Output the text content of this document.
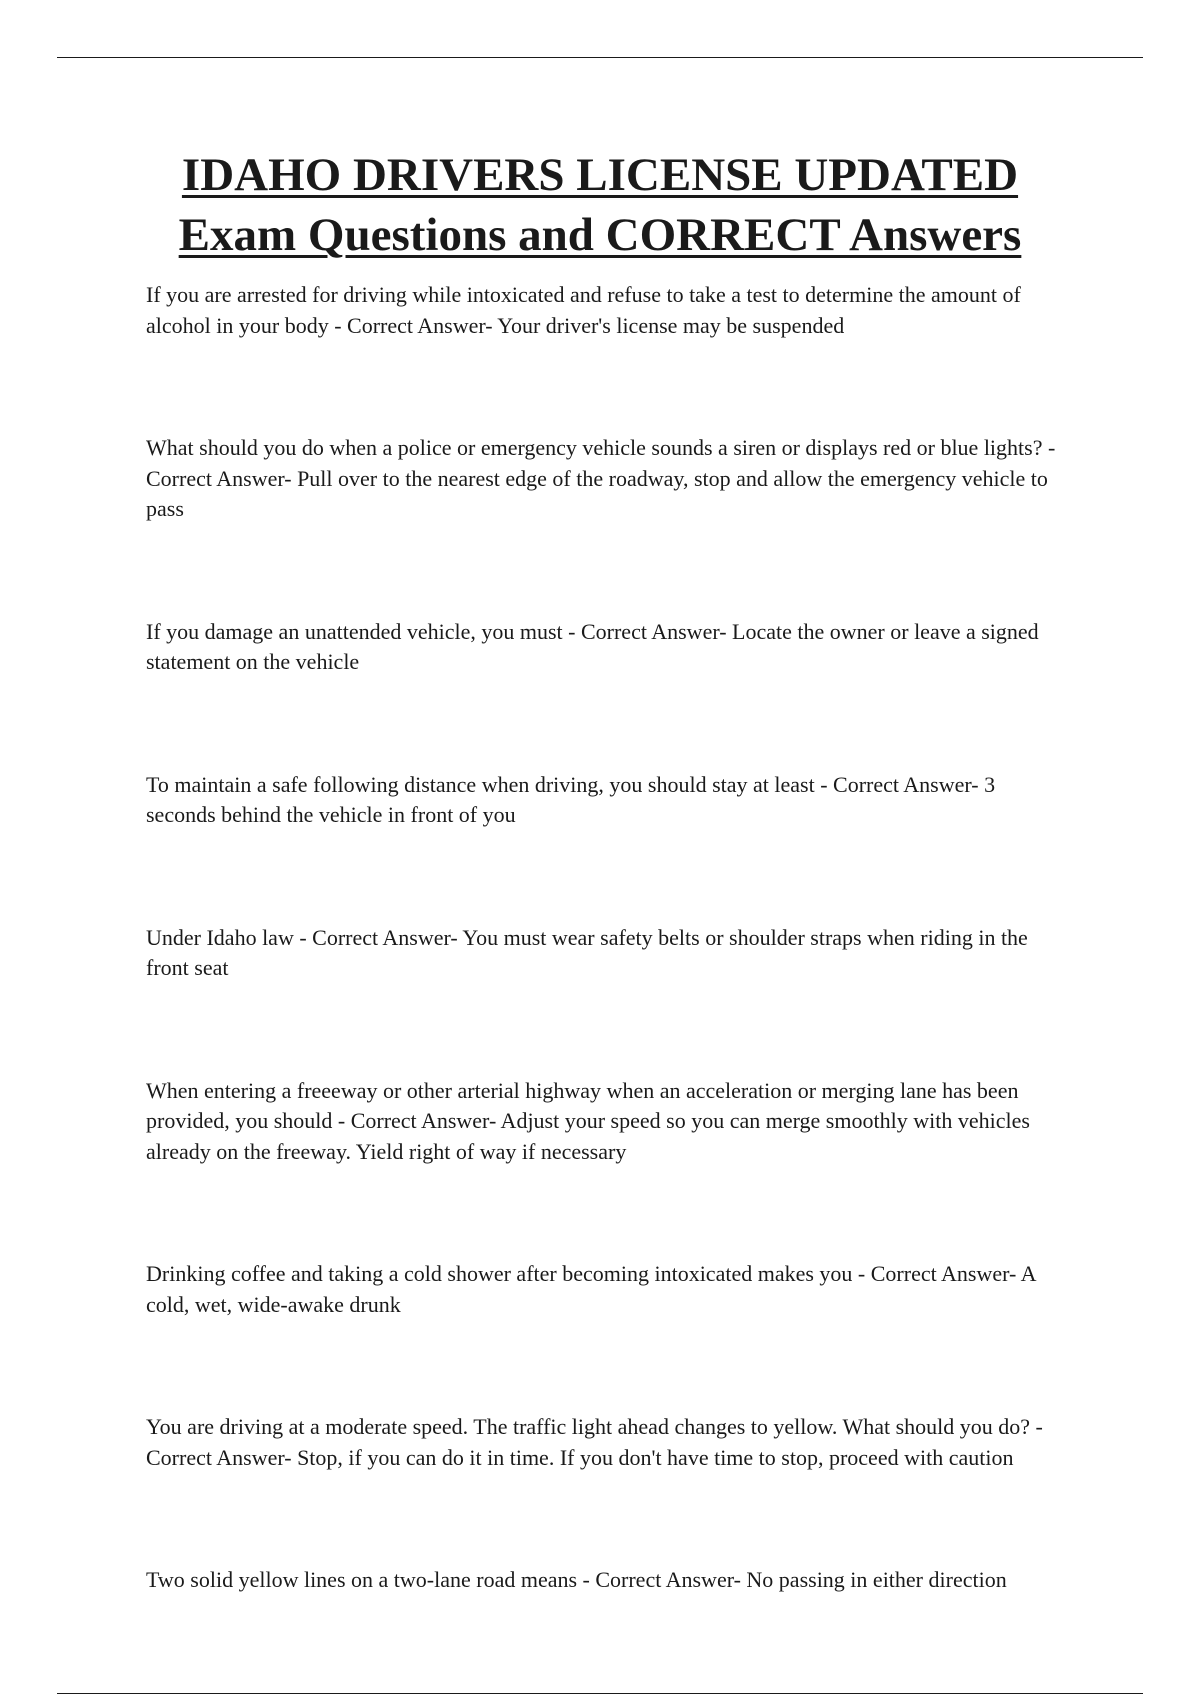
IDAHO DRIVERS LICENSE UPDATED
Exam Questions and CORRECT Answers
If you are arrested for driving while intoxicated and refuse to take a test to determine the amount of alcohol in your body - Correct Answer- Your driver's license may be suspended
What should you do when a police or emergency vehicle sounds a siren or displays red or blue lights? - Correct Answer- Pull over to the nearest edge of the roadway, stop and allow the emergency vehicle to pass
If you damage an unattended vehicle, you must - Correct Answer- Locate the owner or leave a signed statement on the vehicle
To maintain a safe following distance when driving, you should stay at least - Correct Answer- 3 seconds behind the vehicle in front of you
Under Idaho law - Correct Answer- You must wear safety belts or shoulder straps when riding in the front seat
When entering a freeeway or other arterial highway when an acceleration or merging lane has been provided, you should - Correct Answer- Adjust your speed so you can merge smoothly with vehicles already on the freeway. Yield right of way if necessary
Drinking coffee and taking a cold shower after becoming intoxicated makes you - Correct Answer- A cold, wet, wide-awake drunk
You are driving at a moderate speed. The traffic light ahead changes to yellow. What should you do? - Correct Answer- Stop, if you can do it in time. If you don't have time to stop, proceed with caution
Two solid yellow lines on a two-lane road means - Correct Answer- No passing in either direction
